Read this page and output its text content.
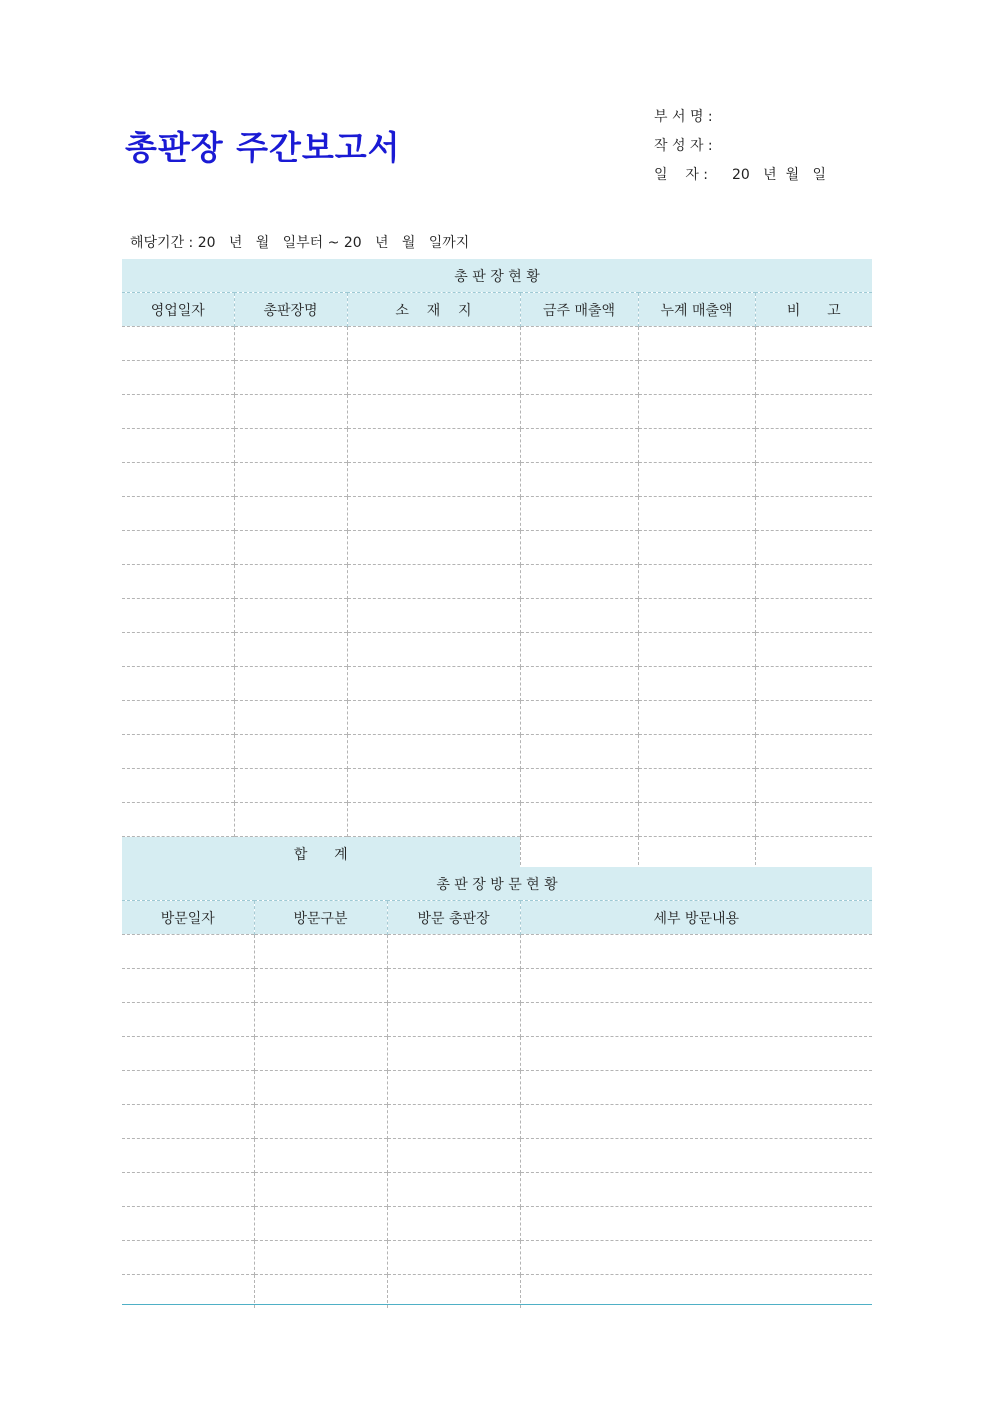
총판장 주간보고서
부 서 명 :
작 성 자 :
일    자 :	20   년  월   일
해당기간 : 20   년   월   일부터 ~ 20   년   월   일까지
총 판 장 현 황					
영업일자	총판장명	소    재    지	금주 매출액	누계 매출액	비      고

합      계					
총 판 장 방 문 현 황			
방문일자	방문구분	방문 총판장	세부 방문내용
